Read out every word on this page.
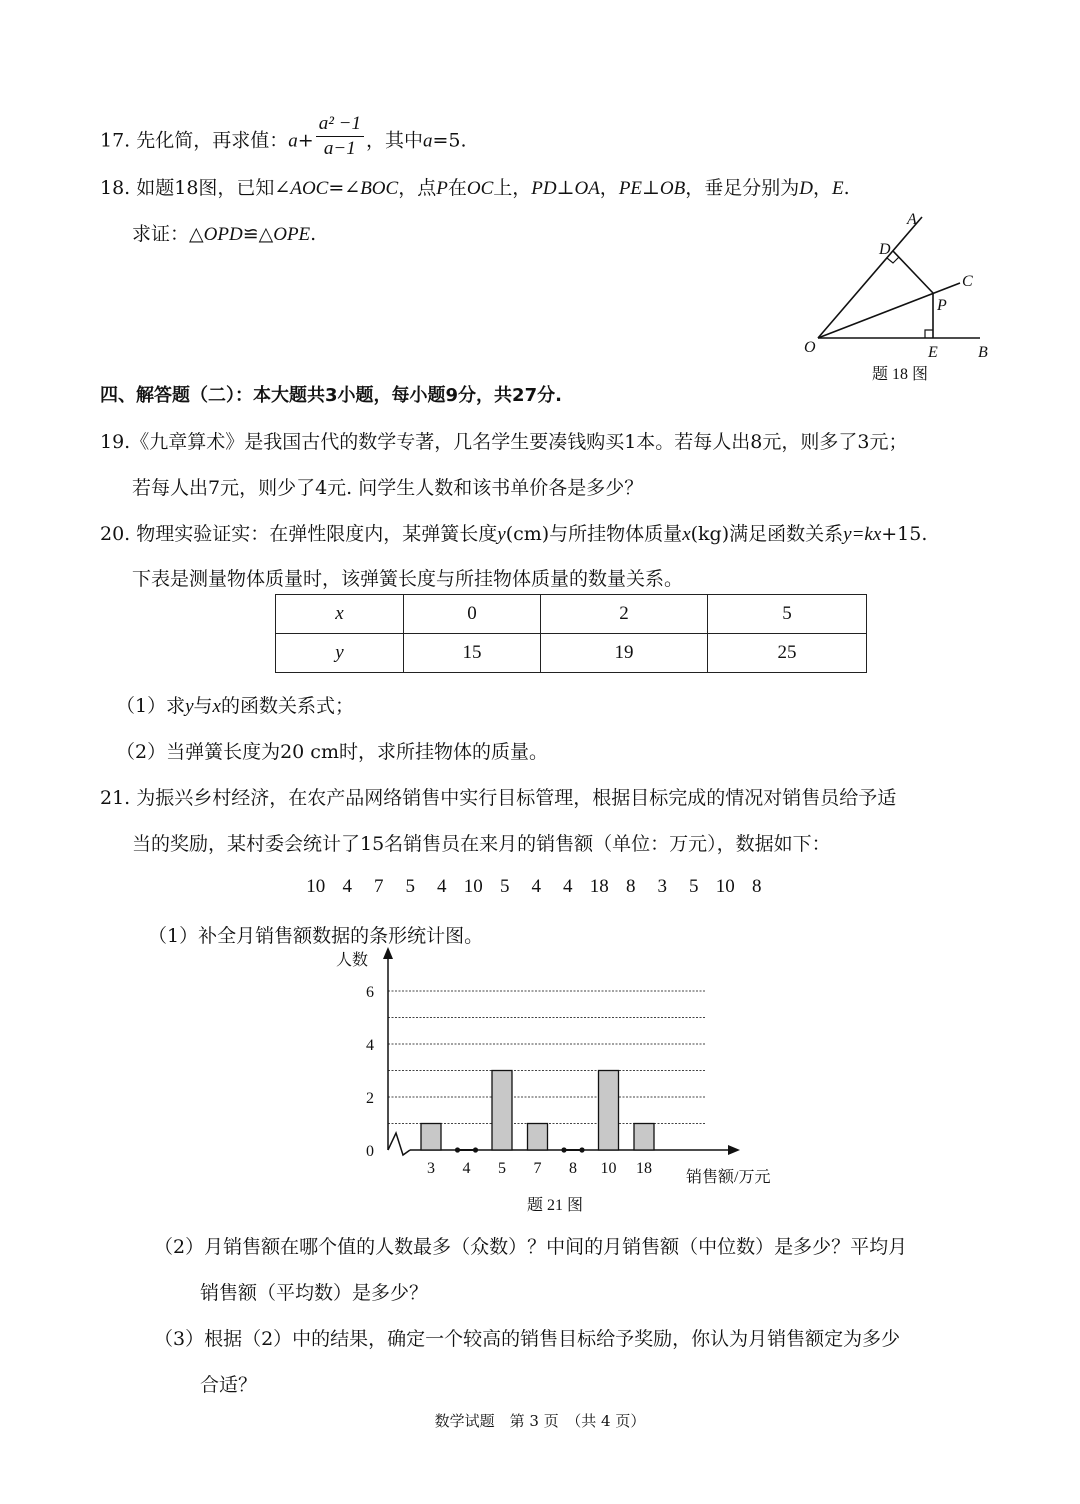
17. 先化简，再求值：$a+ \frac{\text{a² −1}}{a-1}$ ，其中a=5.
18. 如题18图，已知∠AOC=∠BOC，点P在OC上，PD⊥OA，PE⊥OB，垂足分别为D，E.
求证：△OPD≌△OPE.
A
B
C
D
E
O
P
题 18 图
四、解答题（二）：本大题共3小题，每小题9分，共27分.
19.《九章算术》是我国古代的数学专著，几名学生要凑钱购买1本。若每人出8元，则多了3元；
若每人出7元，则少了4元. 问学生人数和该书单价各是多少？
20. 物理实验证实：在弹性限度内，某弹簧长度y(cm)与所挂物体质量x(kg)满足函数关系y=kx+15.
下表是测量物体质量时，该弹簧长度与所挂物体质量的数量关系。
x	0	2	5
y	15	19	25
（1）求y与x的函数关系式；
（2）当弹簧长度为20 cm时，求所挂物体的质量。
21. 为振兴乡村经济，在农产品网络销售中实行目标管理，根据目标完成的情况对销售员给予适
当的奖励，某村委会统计了15名销售员在来月的销售额（单位：万元），数据如下：
10 4 7 5 4 10 5 4 4 18 8 3 5 10 8
（1）补全月销售额数据的条形统计图。
0
2
4
6
3 4 5 7 8 10 18
人数
销售额/万元
题 21 图
（2）月销售额在哪个值的人数最多（众数）？中间的月销售额（中位数）是多少？平均月
销售额（平均数）是多少？
（3）根据（2）中的结果，确定一个较高的销售目标给予奖励，你认为月销售额定为多少
合适？
数学试题　第 3 页　（共 4 页）
